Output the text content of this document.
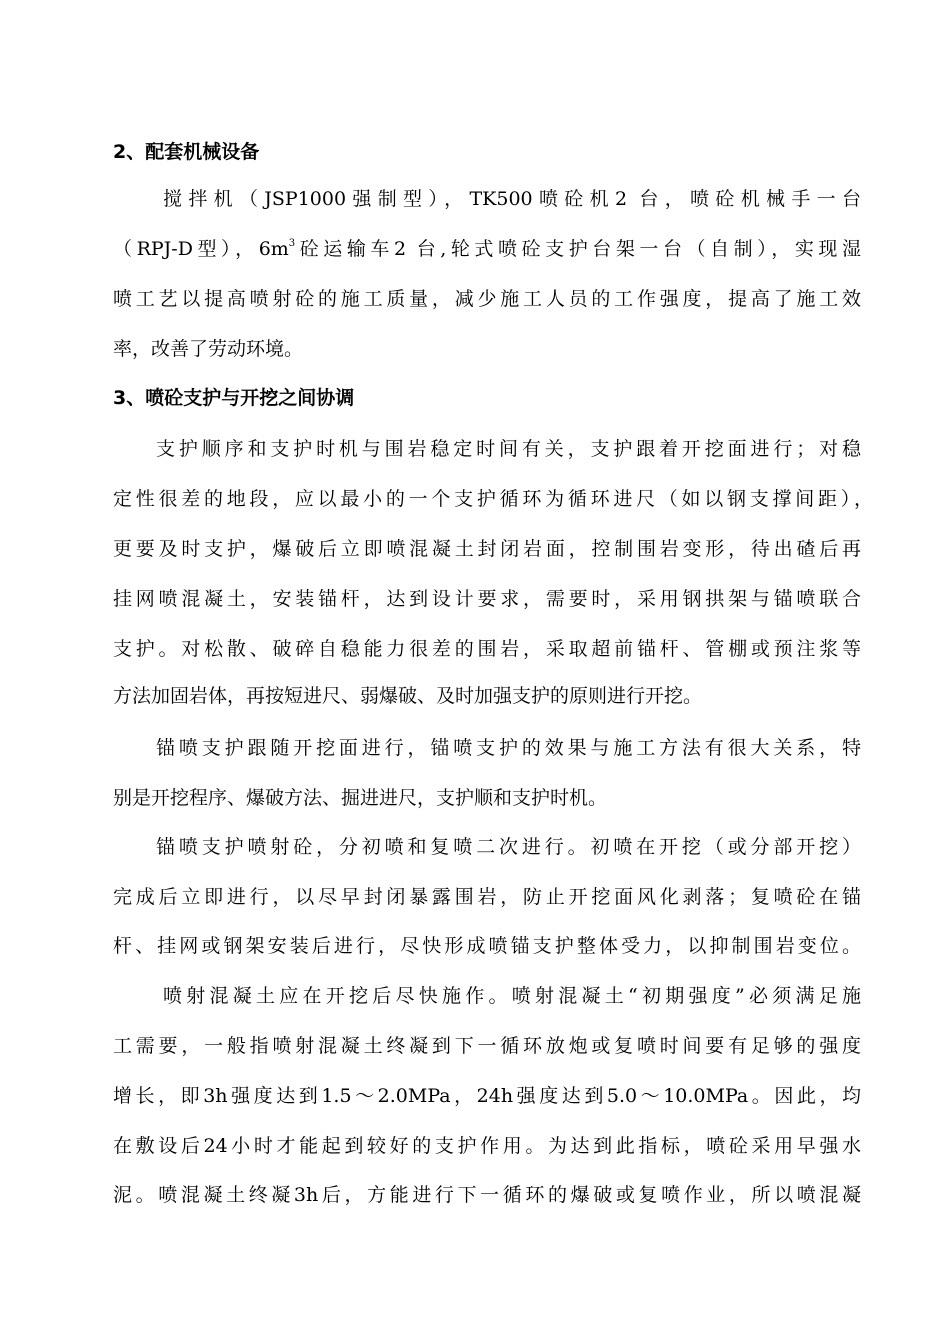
2、配套机械设备
搅拌机（JSP1000强制型），TK500喷砼机2 台，喷砼机械手一台
（RPJ-D型），$6m^3$砼运输车2 台,轮式喷砼支护台架一台（自制），实现湿
喷工艺以提高喷射砼的施工质量，减少施工人员的工作强度，提高了施工效
率，改善了劳动环境。
3、喷砼支护与开挖之间协调
支护顺序和支护时机与围岩稳定时间有关，支护跟着开挖面进行；对稳
定性很差的地段，应以最小的一个支护循环为循环进尺（如以钢支撑间距），
更要及时支护，爆破后立即喷混凝土封闭岩面，控制围岩变形，待出碴后再
挂网喷混凝土，安装锚杆，达到设计要求，需要时，采用钢拱架与锚喷联合
支护。对松散、破碎自稳能力很差的围岩，采取超前锚杆、管棚或预注浆等
方法加固岩体，再按短进尺、弱爆破、及时加强支护的原则进行开挖。
锚喷支护跟随开挖面进行，锚喷支护的效果与施工方法有很大关系，特
别是开挖程序、爆破方法、掘进进尺，支护顺和支护时机。
锚喷支护喷射砼，分初喷和复喷二次进行。初喷在开挖（或分部开挖）
完成后立即进行，以尽早封闭暴露围岩，防止开挖面风化剥落；复喷砼在锚
杆、挂网或钢架安装后进行，尽快形成喷锚支护整体受力，以抑制围岩变位。
喷射混凝土应在开挖后尽快施作。喷射混凝土“初期强度”必须满足施
工需要，一般指喷射混凝土终凝到下一循环放炮或复喷时间要有足够的强度
增长，即3h强度达到1.5～2.0MPa，24h强度达到5.0～10.0MPa。因此，均
在敷设后24小时才能起到较好的支护作用。为达到此指标，喷砼采用早强水
泥。喷混凝土终凝3h后，方能进行下一循环的爆破或复喷作业，所以喷混凝
